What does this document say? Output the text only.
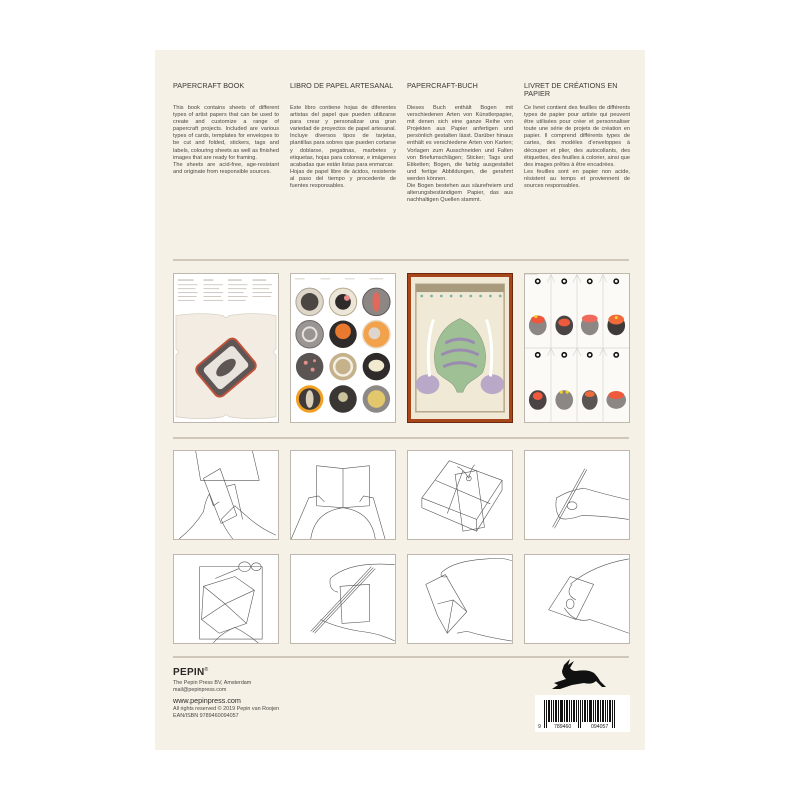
PAPERCRAFT BOOK
This book contains sheets of different types of artist papers that can be used to create and customize a range of papercraft projects. Included are various types of cards, templates for envelopes to be cut and folded, stickers, tags and labels, colouring sheets as well as finished images that are ready for framing.
The sheets are acid-free, age-resistant and originate from responsible sources.
LIBRO DE PAPEL ARTESANAL
Este libro contiene hojas de diferentes artistas del papel que pueden utilizarse para crear y personalizar una gran variedad de proyectos de papel artesanal. Incluye diversos tipos de tarjetas, plantillas para sobres que pueden cortarse y doblarse, pegatinas, marbetes y etiquetas, hojas para colorear, e imágenes acabadas que están listas para enmarcar.
Hojas de papel libre de ácidos, resistente al paso del tiempo y procedente de fuentes responsables.
PAPERCRAFT-BUCH
Dieses Buch enthält Bogen mit verschiedenen Arten von Künstlerpapier, mit denen sich eine ganze Reihe von Projekten aus Papier anfertigen und persönlich gestalten lässt. Darüber hinaus enthält es verschiedene Arten von Karten; Vorlagen zum Ausschneiden und Falten von Briefumschlägen; Sticker; Tags und Etiketten; Bogen, die farbig ausgestaltet und fertige Abbildungen, die gerahmt werden können.
Die Bogen bestehen aus säurefreiem und alterungsbeständigem Papier, das aus nachhaltigen Quellen stammt.
LIVRET DE CRÉATIONS EN PAPIER
Ce livret contient des feuilles de différents types de papier pour artiste qui peuvent être utilisées pour créer et personnaliser toute une série de projets de création en papier. Il comprend différents types de cartes, des modèles d'enveloppes à découper et plier, des autocollants, des étiquettes, des feuilles à colorier, ainsi que des images prêtes à être encadrées.
Les feuilles sont en papier non acide, résistent au temps et proviennent de sources responsables.
PEPIN®
The Pepin Press BV, Amsterdam
mail@pepinpress.com
www.pepinpress.com
All rights reserved © 2019 Pepin van Roojen
EAN/ISBN 9789460094057
9	789460	094057
